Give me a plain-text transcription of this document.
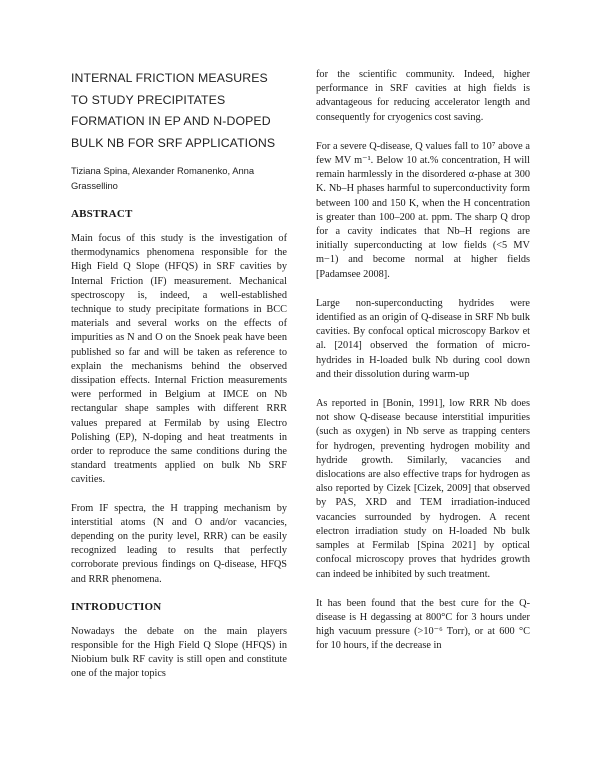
INTERNAL FRICTION MEASURES TO STUDY PRECIPITATES FORMATION IN EP AND N-DOPED BULK NB FOR SRF APPLICATIONS
Tiziana Spina, Alexander Romanenko, Anna Grassellino
ABSTRACT

Main focus of this study is the investigation of thermodynamics phenomena responsible for the High Field Q Slope (HFQS) in SRF cavities by Internal Friction (IF) measurement. Mechanical spectroscopy is, indeed, a well-established technique to study precipitate formations in BCC materials and several works on the effects of impurities as N and O on the Snoek peak have been published so far and will be taken as reference to explain the mechanisms behind the observed dissipation effects. Internal Friction measurements were performed in Belgium at IMCE on Nb rectangular shape samples with different RRR values prepared at Fermilab by using Electro Polishing (EP), N-doping and heat treatments in order to reproduce the same conditions during the standard treatments applied on bulk Nb SRF cavities.

From IF spectra, the H trapping mechanism by interstitial atoms (N and O and/or vacancies, depending on the purity level, RRR) can be easily recognized leading to results that perfectly corroborate previous findings on Q-disease, HFQS and RRR phenomena.

INTRODUCTION

Nowadays the debate on the main players responsible for the High Field Q Slope (HFQS) in Niobium bulk RF cavity is still open and constitute one of the major topics

for the scientific community. Indeed, higher performance in SRF cavities at high fields is advantageous for reducing accelerator length and consequently for cryogenics cost saving.

For a severe Q-disease, Q values fall to 10⁷ above a few MV m⁻¹. Below 10 at.% concentration, H will remain harmlessly in the disordered α-phase at 300 K. Nb–H phases harmful to superconductivity form between 100 and 150 K, when the H concentration is greater than 100–200 at. ppm. The sharp Q drop for a cavity indicates that Nb–H regions are initially superconducting at low fields (<5 MV m−1) and become normal at higher fields [Padamsee 2008].

Large non-superconducting hydrides were identified as an origin of Q-disease in SRF Nb bulk cavities. By confocal optical microscopy Barkov et al. [2014] observed the formation of micro-hydrides in H-loaded bulk Nb during cool down and their dissolution during warm-up

As reported in [Bonin, 1991], low RRR Nb does not show Q-disease because interstitial impurities (such as oxygen) in Nb serve as trapping centers for hydrogen, preventing hydrogen mobility and hydride growth. Similarly, vacancies and dislocations are also effective traps for hydrogen as also reported by Cizek [Cizek, 2009] that observed by PAS, XRD and TEM irradiation-induced vacancies surrounded by hydrogen. A recent electron irradiation study on H-loaded Nb bulk samples at Fermilab [Spina 2021] by optical confocal microscopy proves that hydrides growth can indeed be inhibited by such treatment.

It has been found that the best cure for the Q-disease is H degassing at 800°C for 3 hours under high vacuum pressure (>10⁻⁶ Torr), or at 600 °C for 10 hours, if the decrease in
